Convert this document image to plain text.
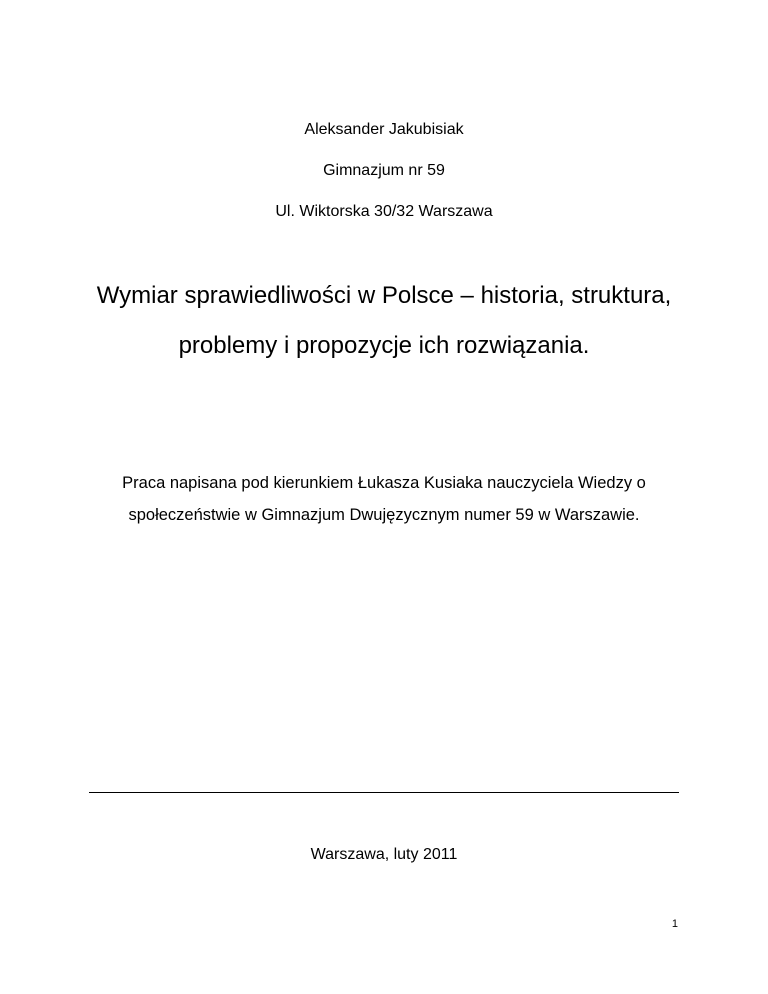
Aleksander Jakubisiak
Gimnazjum nr 59
Ul. Wiktorska 30/32 Warszawa
Wymiar sprawiedliwości w Polsce – historia, struktura,
problemy i propozycje ich rozwiązania.
Praca napisana pod kierunkiem Łukasza Kusiaka nauczyciela Wiedzy o
społeczeństwie w Gimnazjum Dwujęzycznym numer 59 w Warszawie.
Warszawa, luty 2011
1
